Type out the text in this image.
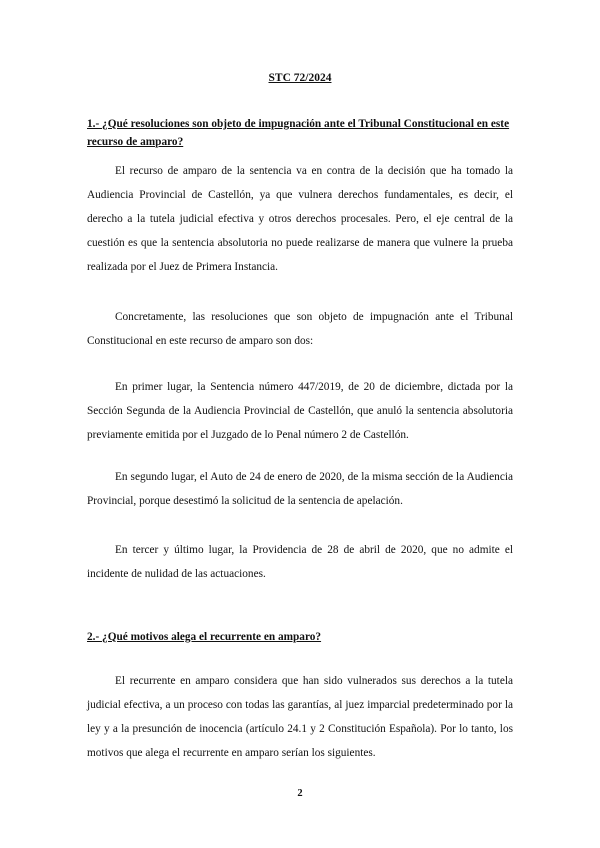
STC 72/2024
1.- ¿Qué resoluciones son objeto de impugnación ante el Tribunal Constitucional en este recurso de amparo?

El recurso de amparo de la sentencia va en contra de la decisión que ha tomado la Audiencia Provincial de Castellón, ya que vulnera derechos fundamentales, es decir, el derecho a la tutela judicial efectiva y otros derechos procesales. Pero, el eje central de la cuestión es que la sentencia absolutoria no puede realizarse de manera que vulnere la prueba realizada por el Juez de Primera Instancia.

Concretamente, las resoluciones que son objeto de impugnación ante el Tribunal Constitucional en este recurso de amparo son dos:

En primer lugar, la Sentencia número 447/2019, de 20 de diciembre, dictada por la Sección Segunda de la Audiencia Provincial de Castellón, que anuló la sentencia absolutoria previamente emitida por el Juzgado de lo Penal número 2 de Castellón.

En segundo lugar, el Auto de 24 de enero de 2020, de la misma sección de la Audiencia Provincial, porque desestimó la solicitud de la sentencia de apelación.

En tercer y último lugar, la Providencia de 28 de abril de 2020, que no admite el incidente de nulidad de las actuaciones.

2.- ¿Qué motivos alega el recurrente en amparo?

El recurrente en amparo considera que han sido vulnerados sus derechos a la tutela judicial efectiva, a un proceso con todas las garantías, al juez imparcial predeterminado por la ley y a la presunción de inocencia (artículo 24.1 y 2 Constitución Española). Por lo tanto, los motivos que alega el recurrente en amparo serían los siguientes.

2
